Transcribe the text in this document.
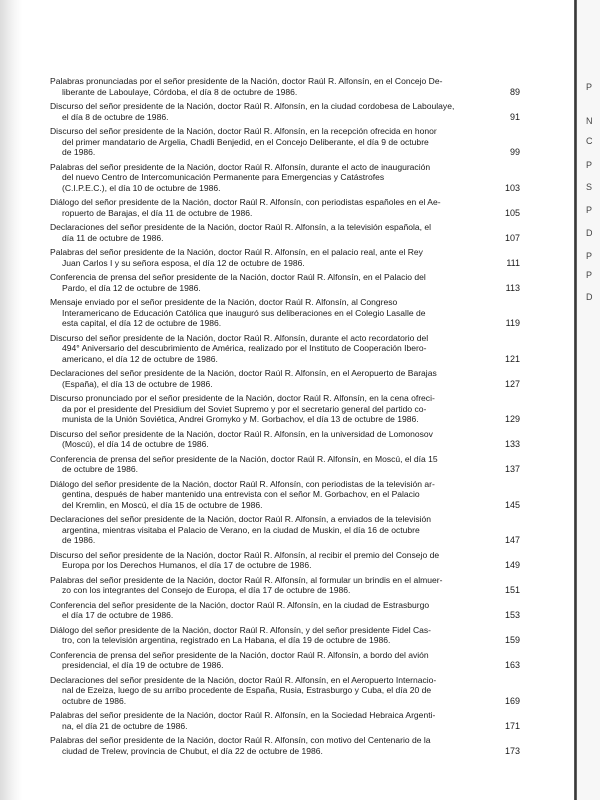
P
N
C
P
S
P
D
P
P
D
Palabras pronunciadas por el señor presidente de la Nación, doctor Raúl R. Alfonsín, en el Concejo De-
liberante de Laboulaye, Córdoba, el día 8 de octubre de 1986.	89
Discurso del señor presidente de la Nación, doctor Raúl R. Alfonsín, en la ciudad cordobesa de Laboulaye,
el día 8 de octubre de 1986.	91
Discurso del señor presidente de la Nación, doctor Raúl R. Alfonsín, en la recepción ofrecida en honor
del primer mandatario de Argelia, Chadli Benjedid, en el Concejo Deliberante, el día 9 de octubre
de 1986.	99
Palabras del señor presidente de la Nación, doctor Raúl R. Alfonsín, durante el acto de inauguración
del nuevo Centro de Intercomunicación Permanente para Emergencias y Catástrofes
(C.I.P.E.C.), el día 10 de octubre de 1986.	103
Diálogo del señor presidente de la Nación, doctor Raúl R. Alfonsín, con periodistas españoles en el Ae-
ropuerto de Barajas, el día 11 de octubre de 1986.	105
Declaraciones del señor presidente de la Nación, doctor Raúl R. Alfonsín, a la televisión española, el
día 11 de octubre de 1986.	107
Palabras del señor presidente de la Nación, doctor Raúl R. Alfonsín, en el palacio real, ante el Rey
Juan Carlos I y su señora esposa, el día 12 de octubre de 1986.	111
Conferencia de prensa del señor presidente de la Nación, doctor Raúl R. Alfonsín, en el Palacio del
Pardo, el día 12 de octubre de 1986.	113
Mensaje enviado por el señor presidente de la Nación, doctor Raúl R. Alfonsín, al Congreso
Interamericano de Educación Católica que inauguró sus deliberaciones en el Colegio Lasalle de
esta capital, el día 12 de octubre de 1986.	119
Discurso del señor presidente de la Nación, doctor Raúl R. Alfonsín, durante el acto recordatorio del
494° Aniversario del descubrimiento de América, realizado por el Instituto de Cooperación Ibero-
americano, el día 12 de octubre de 1986.	121
Declaraciones del señor presidente de la Nación, doctor Raúl R. Alfonsín, en el Aeropuerto de Barajas
(España), el día 13 de octubre de 1986.	127
Discurso pronunciado por el señor presidente de la Nación, doctor Raúl R. Alfonsín, en la cena ofreci-
da por el presidente del Presidium del Soviet Supremo y por el secretario general del partido co-
munista de la Unión Soviética, Andrei Gromyko y M. Gorbachov, el día 13 de octubre de 1986.	129
Discurso del señor presidente de la Nación, doctor Raúl R. Alfonsín, en la universidad de Lomonosov
(Moscú), el día 14 de octubre de 1986.	133
Conferencia de prensa del señor presidente de la Nación, doctor Raúl R. Alfonsín, en Moscú, el día 15
de octubre de 1986.	137
Diálogo del señor presidente de la Nación, doctor Raúl R. Alfonsín, con periodistas de la televisión ar-
gentina, después de haber mantenido una entrevista con el señor M. Gorbachov, en el Palacio
del Kremlin, en Moscú, el día 15 de octubre de 1986.	145
Declaraciones del señor presidente de la Nación, doctor Raúl R. Alfonsín, a enviados de la televisión
argentina, mientras visitaba el Palacio de Verano, en la ciudad de Muskin, el día 16 de octubre
de 1986.	147
Discurso del señor presidente de la Nación, doctor Raúl R. Alfonsín, al recibir el premio del Consejo de
Europa por los Derechos Humanos, el día 17 de octubre de 1986.	149
Palabras del señor presidente de la Nación, doctor Raúl R. Alfonsín, al formular un brindis en el almuer-
zo con los integrantes del Consejo de Europa, el día 17 de octubre de 1986.	151
Conferencia del señor presidente de la Nación, doctor Raúl R. Alfonsín, en la ciudad de Estrasburgo
el día 17 de octubre de 1986.	153
Diálogo del señor presidente de la Nación, doctor Raúl R. Alfonsín, y del señor presidente Fidel Cas-
tro, con la televisión argentina, registrado en La Habana, el día 19 de octubre de 1986.	159
Conferencia de prensa del señor presidente de la Nación, doctor Raúl R. Alfonsín, a bordo del avión
presidencial, el día 19 de octubre de 1986.	163
Declaraciones del señor presidente de la Nación, doctor Raúl R. Alfonsín, en el Aeropuerto Internacio-
nal de Ezeiza, luego de su arribo procedente de España, Rusia, Estrasburgo y Cuba, el día 20 de
octubre de 1986.	169
Palabras del señor presidente de la Nación, doctor Raúl R. Alfonsín, en la Sociedad Hebraica Argenti-
na, el día 21 de octubre de 1986.	171
Palabras del señor presidente de la Nación, doctor Raúl R. Alfonsín, con motivo del Centenario de la
ciudad de Trelew, provincia de Chubut, el día 22 de octubre de 1986.	173
